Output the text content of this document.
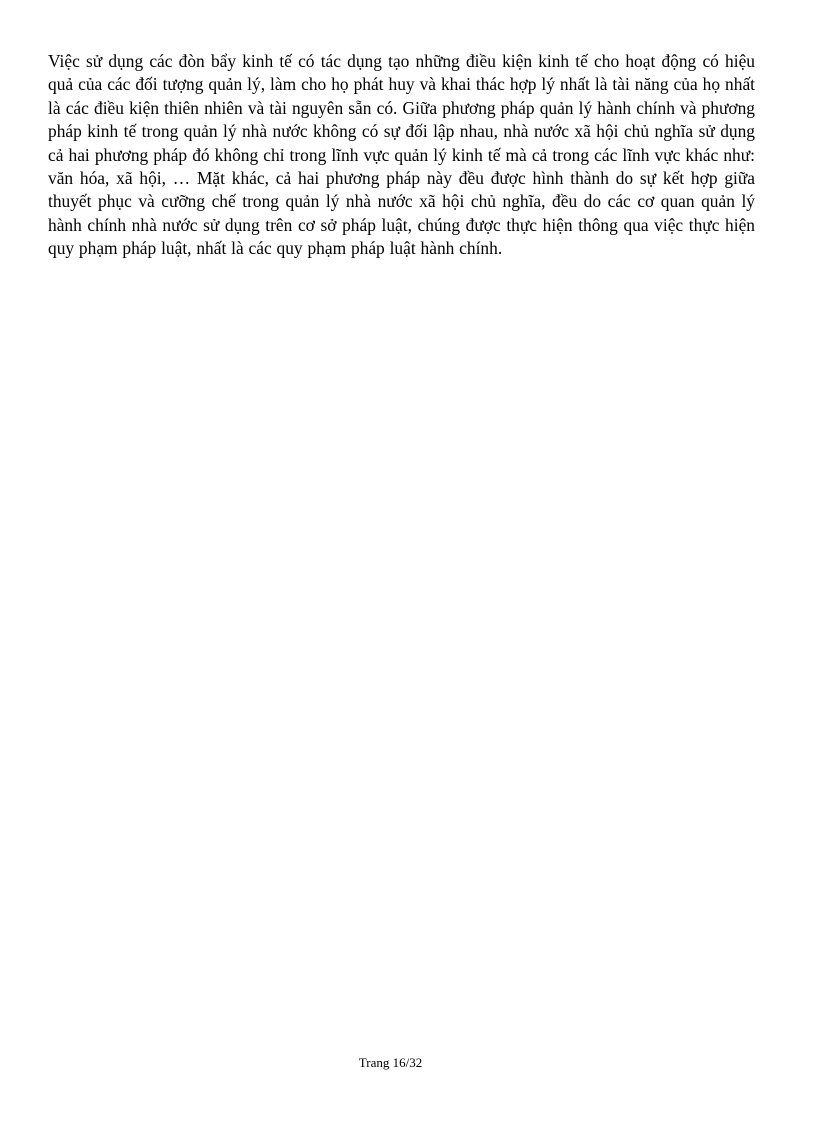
Việc sử dụng các đòn bẩy kinh tế có tác dụng tạo những điều kiện kinh tế cho hoạt động có hiệu quả của các đối tượng quản lý, làm cho họ phát huy và khai thác hợp lý nhất là tài năng của họ nhất là các điều kiện thiên nhiên và tài nguyên sẵn có. Giữa phương pháp quản lý hành chính và phương pháp kinh tế trong quản lý nhà nước không có sự đối lập nhau, nhà nước xã hội chủ nghĩa sử dụng cả hai phương pháp đó không chỉ trong lĩnh vực quản lý kinh tế mà cả trong các lĩnh vực khác như: văn hóa, xã hội, … Mặt khác, cả hai phương pháp này đều được hình thành do sự kết hợp giữa thuyết phục và cưỡng chế trong quản lý nhà nước xã hội chủ nghĩa, đều do các cơ quan quản lý hành chính nhà nước sử dụng trên cơ sở pháp luật, chúng được thực hiện thông qua việc thực hiện quy phạm pháp luật, nhất là các quy phạm pháp luật hành chính.

Trang 16/32
